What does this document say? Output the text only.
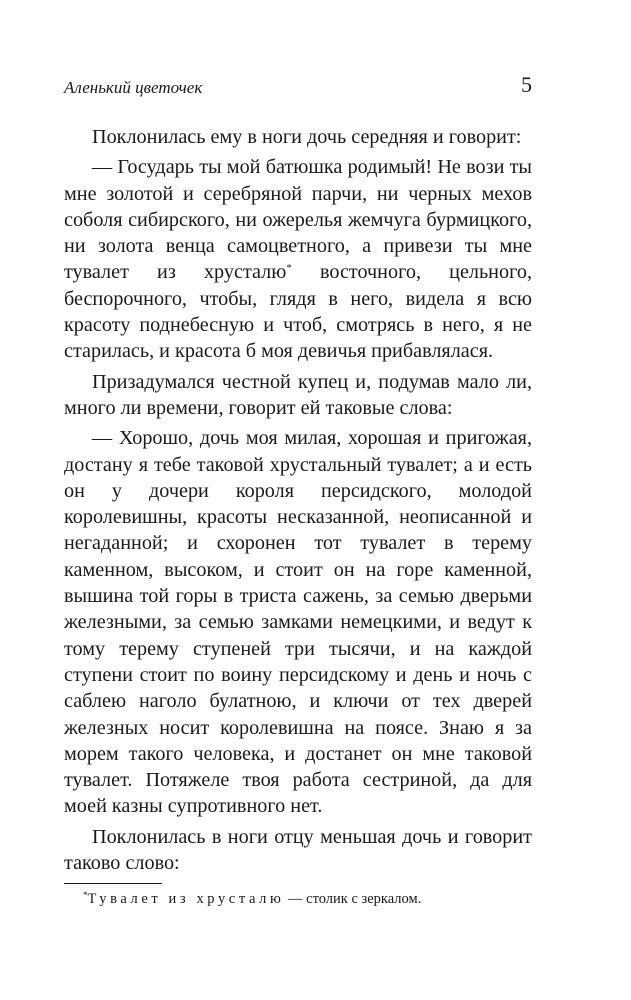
Аленький цветочек	5

Поклонилась ему в ноги дочь середняя и говорит:

— Государь ты мой батюшка родимый! Не вози ты мне золотой и серебряной парчи, ни черных мехов соболя сибирского, ни ожерелья жемчуга бурмицкого, ни золота венца самоцветного, а привези ты мне тувалет из хрусталю* восточного, цельного, беспорочного, чтобы, глядя в него, видела я всю красоту поднебесную и чтоб, смотрясь в него, я не старилась, и красота б моя девичья прибавлялася.

Призадумался честной купец и, подумав мало ли, много ли времени, говорит ей таковые слова:

— Хорошо, дочь моя милая, хорошая и пригожая, достану я тебе таковой хрустальный тувалет; а и есть он у дочери короля персидского, молодой королевишны, красоты несказанной, неописанной и негаданной; и схоронен тот тувалет в терему каменном, высоком, и стоит он на горе каменной, вышина той горы в триста сажень, за семью дверьми железными, за семью замками немецкими, и ведут к тому терему ступеней три тысячи, и на каждой ступени стоит по воину персидскому и день и ночь с саблею наголо булатною, и ключи от тех дверей железных носит королевишна на поясе. Знаю я за морем такого человека, и достанет он мне таковой тувалет. Потяжеле твоя работа сестриной, да для моей казны супротивного нет.

Поклонилась в ноги отцу меньшая дочь и говорит таково слово:

*Тувалет из хрусталю — столик с зеркалом.
